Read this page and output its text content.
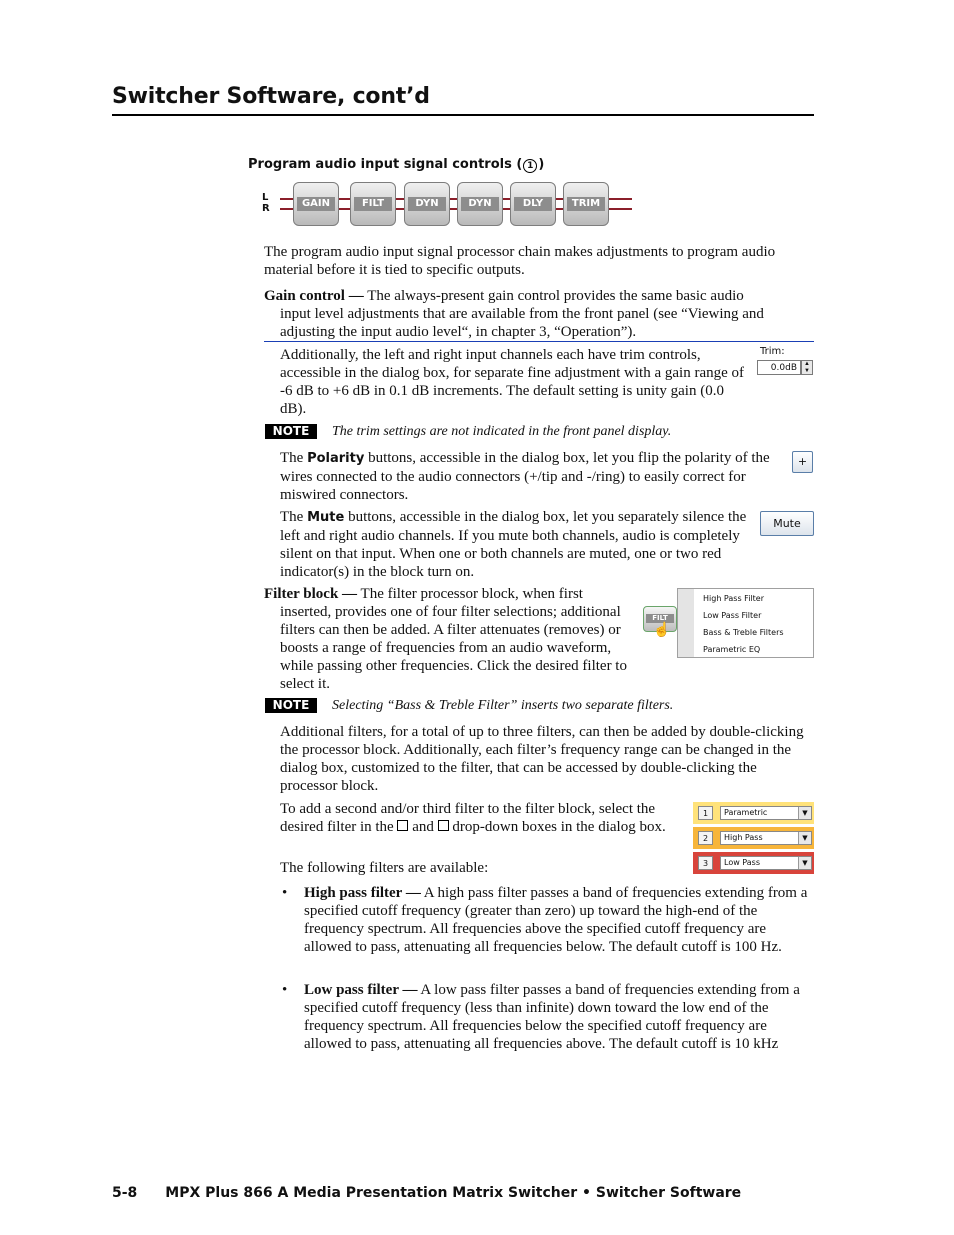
Switcher Software, cont’d
Program audio input signal controls ( 1 )
L
R	GAIN	FILT	DYN	DYN	DLY	TRIM

The program audio input signal processor chain makes adjustments to program audio material before it is tied to specific outputs.

Gain control — The always-present gain control provides the same basic audio
input level adjustments that are available from the front panel (see “Viewing and
adjusting the input audio level“, in chapter 3, “Operation”).

Additionally, the left and right input channels each have trim controls, accessible in the dialog box, for separate fine adjustment with a gain range of -6 dB to +6 dB in 0.1 dB increments. The default setting is unity gain (0.0 dB).

Trim:
0.0dB	▲
▼
NOTE	The trim settings are not indicated in the front panel display.

The Polarity buttons, accessible in the dialog box, let you flip the polarity of the wires connected to the audio connectors (+/tip and -/ring) to easily correct for miswired connectors.

+

The Mute buttons, accessible in the dialog box, let you separately silence the left and right audio channels. If you mute both channels, audio is completely silent on that input. When one or both channels are muted, one or two red indicator(s) in the block turn on.

Mute

Filter block — The filter processor block, when first inserted, provides one of four filter selections; additional filters can then be added. A filter attenuates (removes) or boosts a range of frequencies from an audio waveform, while passing other frequencies. Click the desired filter to select it.

FILT
☝
High Pass Filter
Low Pass Filter
Bass & Treble Filters
Parametric EQ
NOTE	Selecting “Bass & Treble Filter” inserts two separate filters.

Additional filters, for a total of up to three filters, can then be added by double-clicking the processor block. Additionally, each filter’s frequency range can be changed in the dialog box, customized to the filter, that can be accessed by double-clicking the processor block.

To add a second and/or third filter to the filter block, select the desired filter in the  and  drop-down boxes in the dialog box.

1	Parametric	▼
2	High Pass	▼
3	Low Pass	▼

The following filters are available:

• High pass filter — A high pass filter passes a band of frequencies extending from a specified cutoff frequency (greater than zero) up toward the high-end of the frequency spectrum. All frequencies above the specified cutoff frequency are allowed to pass, attenuating all frequencies below. The default cutoff is 100 Hz.

• Low pass filter — A low pass filter passes a band of frequencies extending from a specified cutoff frequency (less than infinite) down toward the low end of the frequency spectrum. All frequencies below the specified cutoff frequency are allowed to pass, attenuating all frequencies above. The default cutoff is 10 kHz

5-8 MPX Plus 866 A Media Presentation Matrix Switcher • Switcher Software
